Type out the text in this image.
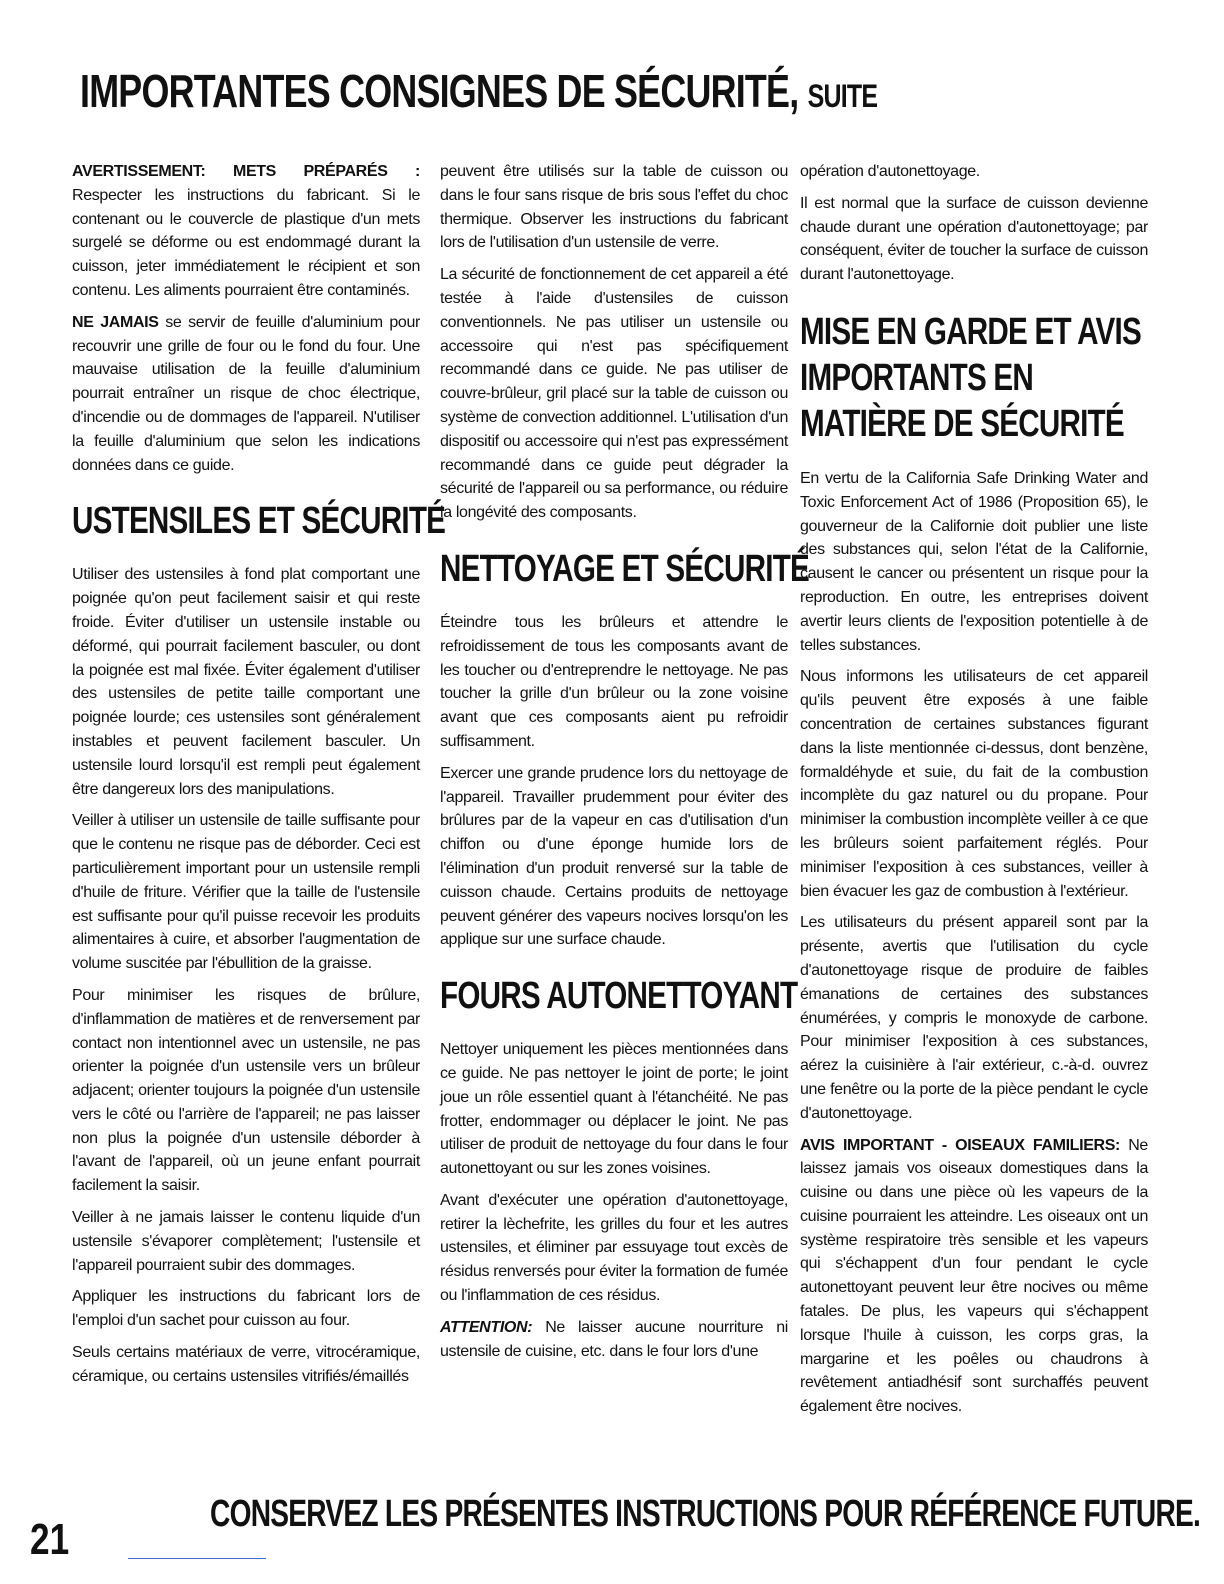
IMPORTANTES CONSIGNES DE SÉCURITÉ, SUITE

AVERTISSEMENT: METS PRÉPARÉS : Respecter les instructions du fabricant. Si le contenant ou le couvercle de plastique d'un mets surgelé se déforme ou est endommagé durant la cuisson, jeter immédiatement le récipient et son contenu. Les aliments pourraient être contaminés.

NE JAMAIS se servir de feuille d'aluminium pour recouvrir une grille de four ou le fond du four. Une mauvaise utilisation de la feuille d'aluminium pourrait entraîner un risque de choc électrique, d'incendie ou de dommages de l'appareil. N'utiliser la feuille d'aluminium que selon les indications données dans ce guide.

USTENSILES ET SÉCURITÉ

Utiliser des ustensiles à fond plat comportant une poignée qu'on peut facilement saisir et qui reste froide. Éviter d'utiliser un ustensile instable ou déformé, qui pourrait facilement basculer, ou dont la poignée est mal fixée. Éviter également d'utiliser des ustensiles de petite taille comportant une poignée lourde; ces ustensiles sont généralement instables et peuvent facilement basculer. Un ustensile lourd lorsqu'il est rempli peut également être dangereux lors des manipulations.

Veiller à utiliser un ustensile de taille suffisante pour que le contenu ne risque pas de déborder. Ceci est particulièrement important pour un ustensile rempli d'huile de friture. Vérifier que la taille de l'ustensile est suffisante pour qu'il puisse recevoir les produits alimentaires à cuire, et absorber l'augmentation de volume suscitée par l'ébullition de la graisse.

Pour minimiser les risques de brûlure, d'inflammation de matières et de renversement par contact non intentionnel avec un ustensile, ne pas orienter la poignée d'un ustensile vers un brûleur adjacent; orienter toujours la poignée d'un ustensile vers le côté ou l'arrière de l'appareil; ne pas laisser non plus la poignée d'un ustensile déborder à l'avant de l'appareil, où un jeune enfant pourrait facilement la saisir.

Veiller à ne jamais laisser le contenu liquide d'un ustensile s'évaporer complètement; l'ustensile et l'appareil pourraient subir des dommages.

Appliquer les instructions du fabricant lors de l'emploi d'un sachet pour cuisson au four.

Seuls certains matériaux de verre, vitrocéramique, céramique, ou certains ustensiles vitrifiés/émaillés

peuvent être utilisés sur la table de cuisson ou dans le four sans risque de bris sous l'effet du choc thermique. Observer les instructions du fabricant lors de l'utilisation d'un ustensile de verre.

La sécurité de fonctionnement de cet appareil a été testée à l'aide d'ustensiles de cuisson conventionnels. Ne pas utiliser un ustensile ou accessoire qui n'est pas spécifiquement recommandé dans ce guide. Ne pas utiliser de couvre-brûleur, gril placé sur la table de cuisson ou système de convection additionnel. L'utilisation d'un dispositif ou accessoire qui n'est pas expressément recommandé dans ce guide peut dégrader la sécurité de l'appareil ou sa performance, ou réduire la longévité des composants.

NETTOYAGE ET SÉCURITÉ

Éteindre tous les brûleurs et attendre le refroidissement de tous les composants avant de les toucher ou d'entreprendre le nettoyage. Ne pas toucher la grille d'un brûleur ou la zone voisine avant que ces composants aient pu refroidir suffisamment.

Exercer une grande prudence lors du nettoyage de l'appareil. Travailler prudemment pour éviter des brûlures par de la vapeur en cas d'utilisation d'un chiffon ou d'une éponge humide lors de l'élimination d'un produit renversé sur la table de cuisson chaude. Certains produits de nettoyage peuvent générer des vapeurs nocives lorsqu'on les applique sur une surface chaude.

FOURS AUTONETTOYANT

Nettoyer uniquement les pièces mentionnées dans ce guide. Ne pas nettoyer le joint de porte; le joint joue un rôle essentiel quant à l'étanchéité. Ne pas frotter, endommager ou déplacer le joint. Ne pas utiliser de produit de nettoyage du four dans le four autonettoyant ou sur les zones voisines.

Avant d'exécuter une opération d'autonettoyage, retirer la lèchefrite, les grilles du four et les autres ustensiles, et éliminer par essuyage tout excès de résidus renversés pour éviter la formation de fumée ou l'inflammation de ces résidus.

ATTENTION: Ne laisser aucune nourriture ni ustensile de cuisine, etc. dans le four lors d'une

opération d'autonettoyage.

Il est normal que la surface de cuisson devienne chaude durant une opération d'autonettoyage; par conséquent, éviter de toucher la surface de cuisson durant l'autonettoyage.

MISE EN GARDE ET AVIS IMPORTANTS EN MATIÈRE DE SÉCURITÉ

En vertu de la California Safe Drinking Water and Toxic Enforcement Act of 1986 (Proposition 65), le gouverneur de la Californie doit publier une liste des substances qui, selon l'état de la Californie, causent le cancer ou présentent un risque pour la reproduction. En outre, les entreprises doivent avertir leurs clients de l'exposition potentielle à de telles substances.

Nous informons les utilisateurs de cet appareil qu'ils peuvent être exposés à une faible concentration de certaines substances figurant dans la liste mentionnée ci-dessus, dont benzène, formaldéhyde et suie, du fait de la combustion incomplète du gaz naturel ou du propane. Pour minimiser la combustion incomplète veiller à ce que les brûleurs soient parfaitement réglés. Pour minimiser l'exposition à ces substances, veiller à bien évacuer les gaz de combustion à l'extérieur.

Les utilisateurs du présent appareil sont par la présente, avertis que l'utilisation du cycle d'autonettoyage risque de produire de faibles émanations de certaines des substances énumérées, y compris le monoxyde de carbone. Pour minimiser l'exposition à ces substances, aérez la cuisinière à l'air extérieur, c.-à-d. ouvrez une fenêtre ou la porte de la pièce pendant le cycle d'autonettoyage.

AVIS IMPORTANT - OISEAUX FAMILIERS: Ne laissez jamais vos oiseaux domestiques dans la cuisine ou dans une pièce où les vapeurs de la cuisine pourraient les atteindre. Les oiseaux ont un système respiratoire très sensible et les vapeurs qui s'échappent d'un four pendant le cycle autonettoyant peuvent leur être nocives ou même fatales. De plus, les vapeurs qui s'échappent lorsque l'huile à cuisson, les corps gras, la margarine et les poêles ou chaudrons à revêtement antiadhésif sont surchaffés peuvent également être nocives.

21
CONSERVEZ LES PRÉSENTES INSTRUCTIONS POUR RÉFÉRENCE FUTURE.
